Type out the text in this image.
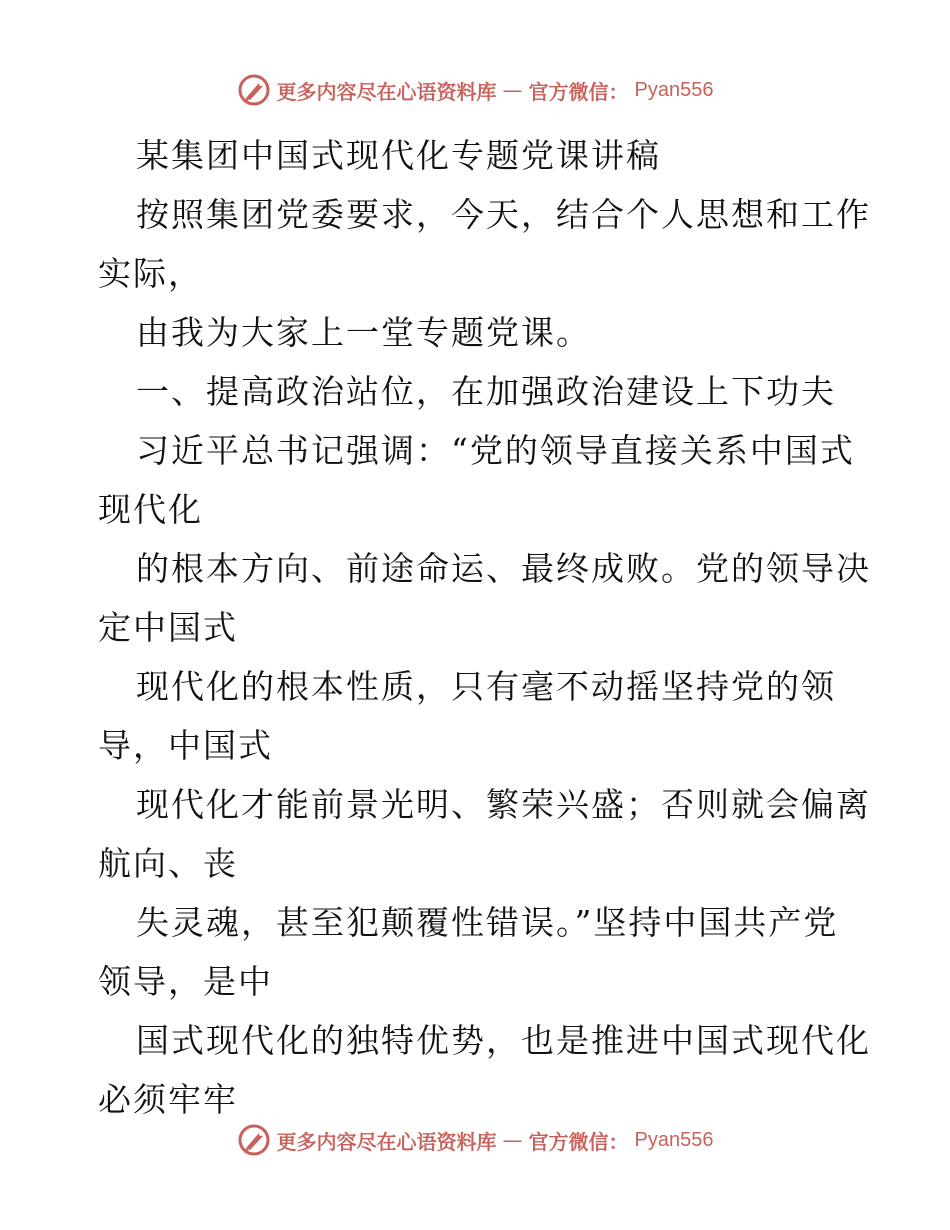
更多内容尽在心语资料库 — 官方微信： Pyan556
某集团中国式现代化专题党课讲稿
按照集团党委要求，今天，结合个人思想和工作
实际，
由我为大家上一堂专题党课。
一、提高政治站位，在加强政治建设上下功夫
习近平总书记强调：“党的领导直接关系中国式
现代化
的根本方向、前途命运、最终成败。党的领导决
定中国式
现代化的根本性质，只有毫不动摇坚持党的领
导，中国式
现代化才能前景光明、繁荣兴盛；否则就会偏离
航向、丧
失灵魂，甚至犯颠覆性错误。”坚持中国共产党
领导，是中
国式现代化的独特优势，也是推进中国式现代化
必须牢牢
更多内容尽在心语资料库 — 官方微信： Pyan556
